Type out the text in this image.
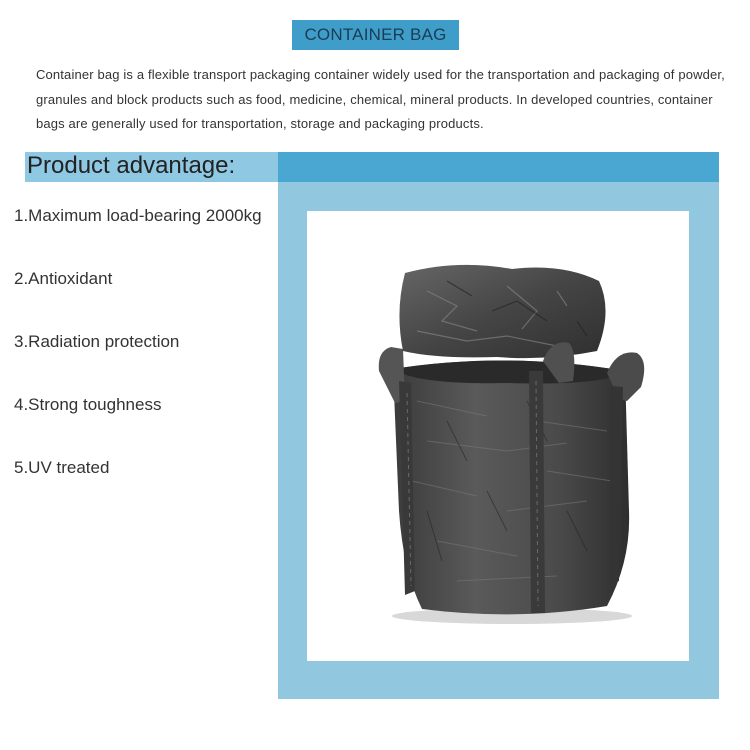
CONTAINER BAG

Container bag is a flexible transport packaging container widely used for the transportation and packaging of powder, granules and block products such as food, medicine, chemical, mineral products. In developed countries, container bags are generally used for transportation, storage and packaging products.

Product advantage:
1.Maximum load-bearing 2000kg
2.Antioxidant
3.Radiation protection
4.Strong toughness
5.UV treated
